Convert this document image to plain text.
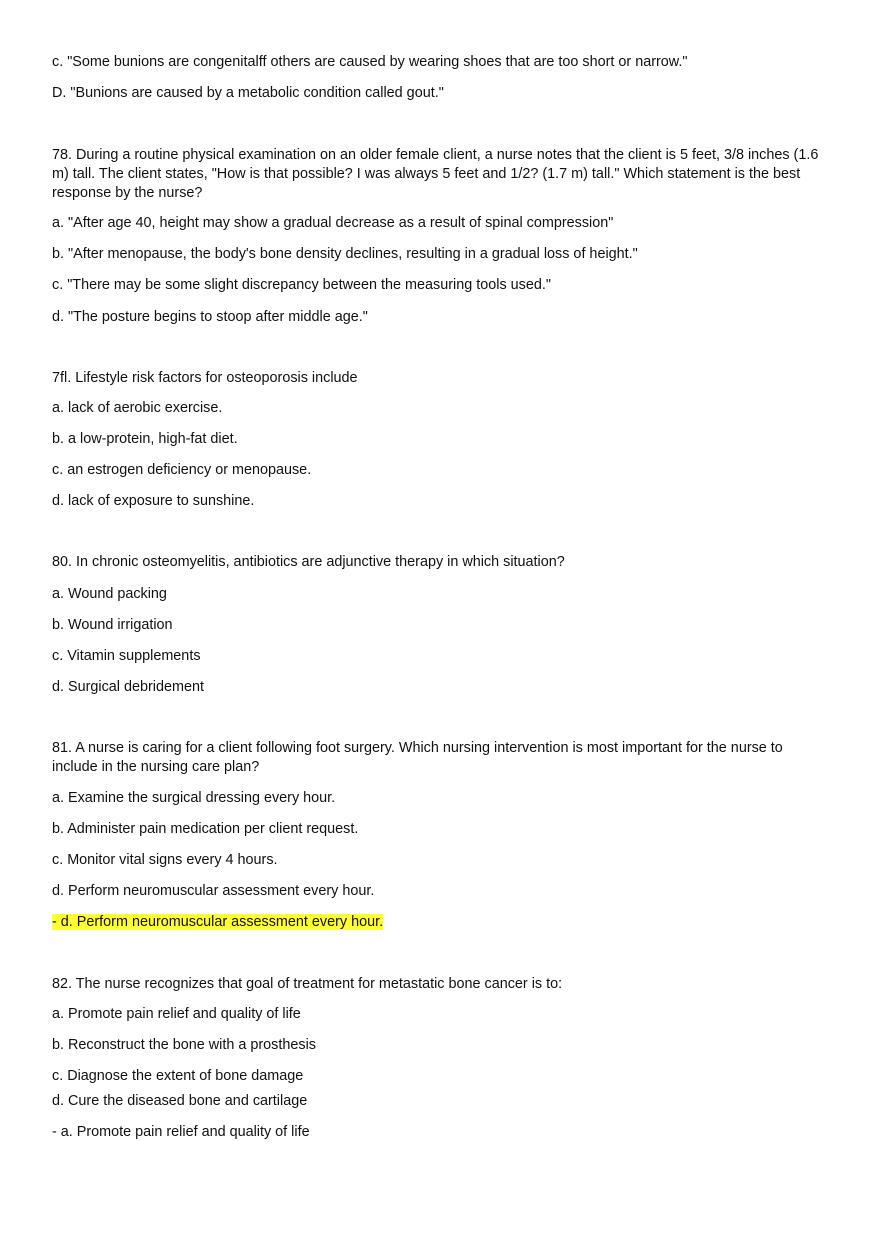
c. "Some bunions are congenitalff others are caused by wearing shoes that are too short or narrow."
D. "Bunions are caused by a metabolic condition called gout."
78. During a routine physical examination on an older female client, a nurse notes that the client is 5 feet, 3/8 inches (1.6 m) tall. The client states, "How is that possible? I was always 5 feet and 1/2? (1.7 m) tall." Which statement is the best response by the nurse?
a. "After age 40, height may show a gradual decrease as a result of spinal compression"
b. "After menopause, the body's bone density declines, resulting in a gradual loss of height."
c. "There may be some slight discrepancy between the measuring tools used."
d. "The posture begins to stoop after middle age."
7fl. Lifestyle risk factors for osteoporosis include
a. lack of aerobic exercise.
b. a low-protein, high-fat diet.
c. an estrogen deficiency or menopause.
d. lack of exposure to sunshine.
80. In chronic osteomyelitis, antibiotics are adjunctive therapy in which situation?
a. Wound packing
b. Wound irrigation
c. Vitamin supplements
d. Surgical debridement
81. A nurse is caring for a client following foot surgery. Which nursing intervention is most important for the nurse to include in the nursing care plan?
a. Examine the surgical dressing every hour.
b. Administer pain medication per client request.
c. Monitor vital signs every 4 hours.
d. Perform neuromuscular assessment every hour.
- d. Perform neuromuscular assessment every hour.
82. The nurse recognizes that goal of treatment for metastatic bone cancer is to:
a. Promote pain relief and quality of life
b. Reconstruct the bone with a prosthesis
c. Diagnose the extent of bone damage
d. Cure the diseased bone and cartilage
- a. Promote pain relief and quality of life
